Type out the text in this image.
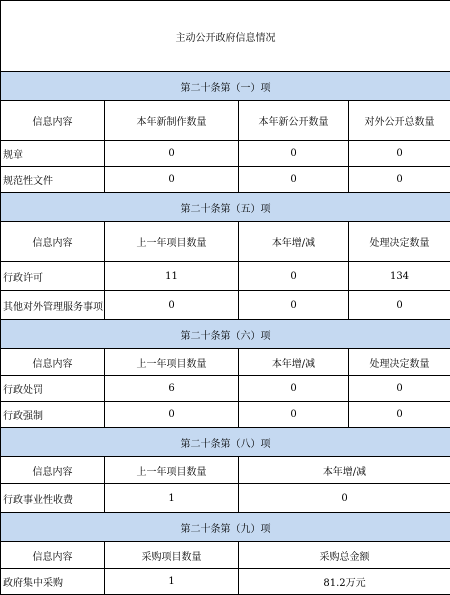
主动公开政府信息情况			
第二十条第（一）项			
信息内容	本年新制作数量	本年新公开数量	对外公开总数量
规章	0	0	0
规范性文件	0	0	0
第二十条第（五）项			
信息内容	上一年项目数量	本年增/减	处理决定数量
行政许可	11	0	134
其他对外管理服务事项	0	0	0
第二十条第（六）项			
信息内容	上一年项目数量	本年增/减	处理决定数量
行政处罚	6	0	0
行政强制	0	0	0
第二十条第（八）项			
信息内容	上一年项目数量	本年增/减	
行政事业性收费	1	0	
第二十条第（九）项			
信息内容	采购项目数量	采购总金额	
政府集中采购	1	81.2万元	
